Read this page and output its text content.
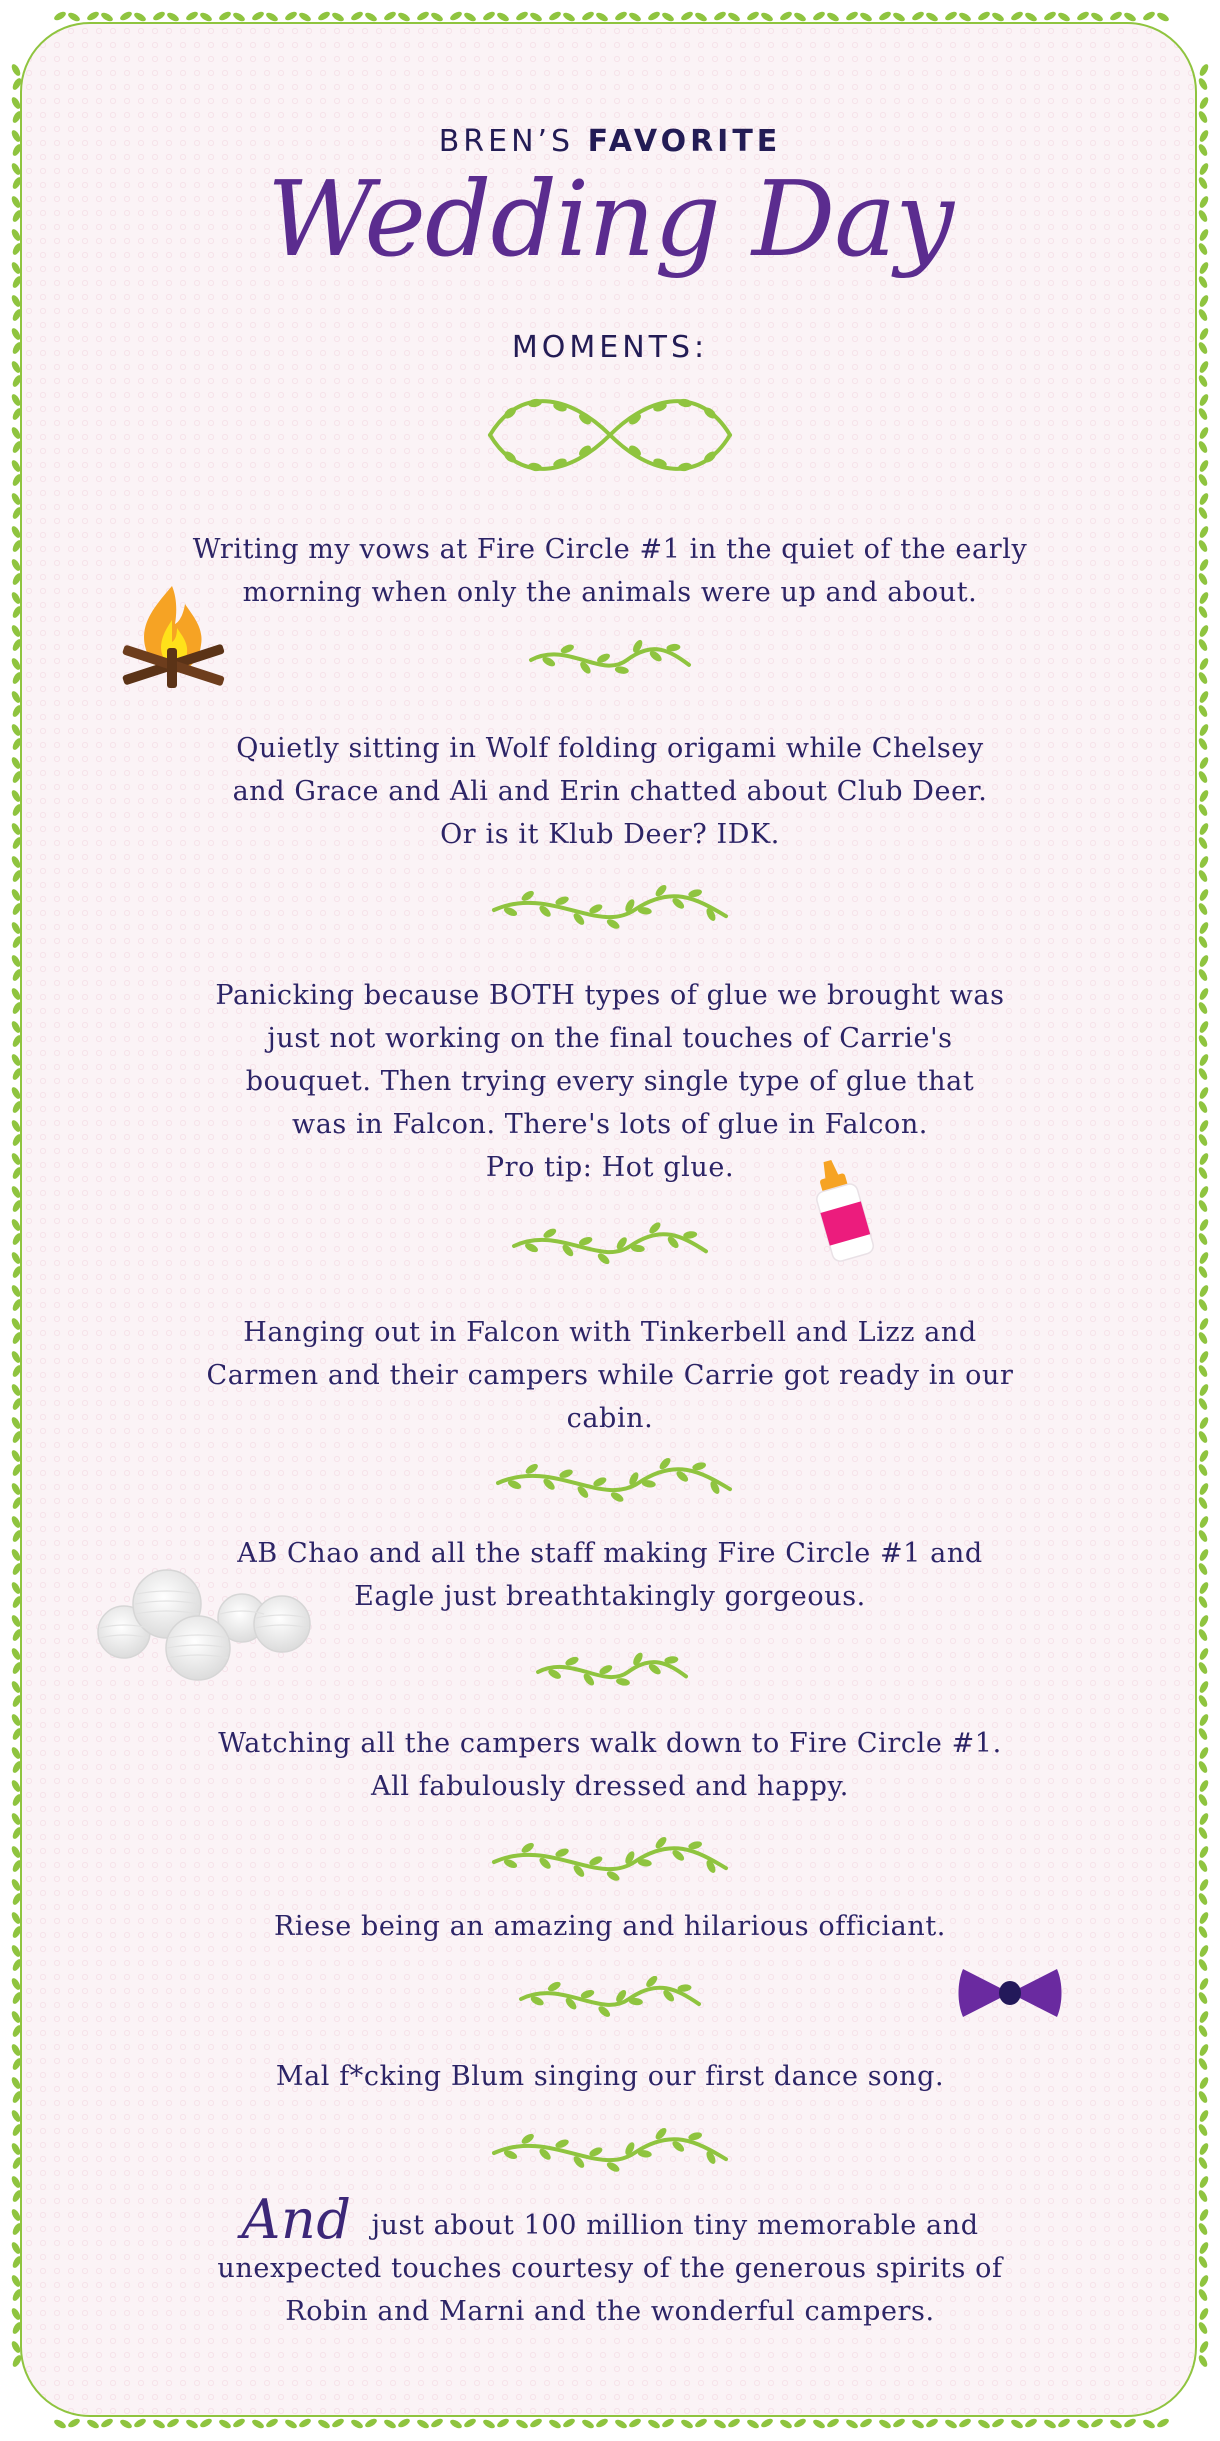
BREN’S FAVORITE
Wedding Day
MOMENTS:
Writing my vows at Fire Circle #1 in the quiet of the early
morning when only the animals were up and about.
Quietly sitting in Wolf folding origami while Chelsey
and Grace and Ali and Erin chatted about Club Deer.
Or is it Klub Deer? IDK.
Panicking because BOTH types of glue we brought was
just not working on the final touches of Carrie's
bouquet. Then trying every single type of glue that
was in Falcon. There's lots of glue in Falcon.
Pro tip: Hot glue.
Hanging out in Falcon with Tinkerbell and Lizz and
Carmen and their campers while Carrie got ready in our
cabin.
AB Chao and all the staff making Fire Circle #1 and
Eagle just breathtakingly gorgeous.
Watching all the campers walk down to Fire Circle #1.
All fabulously dressed and happy.
Riese being an amazing and hilarious officiant.
Mal f*cking Blum singing our first dance song.
And just about 100 million tiny memorable and
unexpected touches courtesy of the generous spirits of
Robin and Marni and the wonderful campers.
